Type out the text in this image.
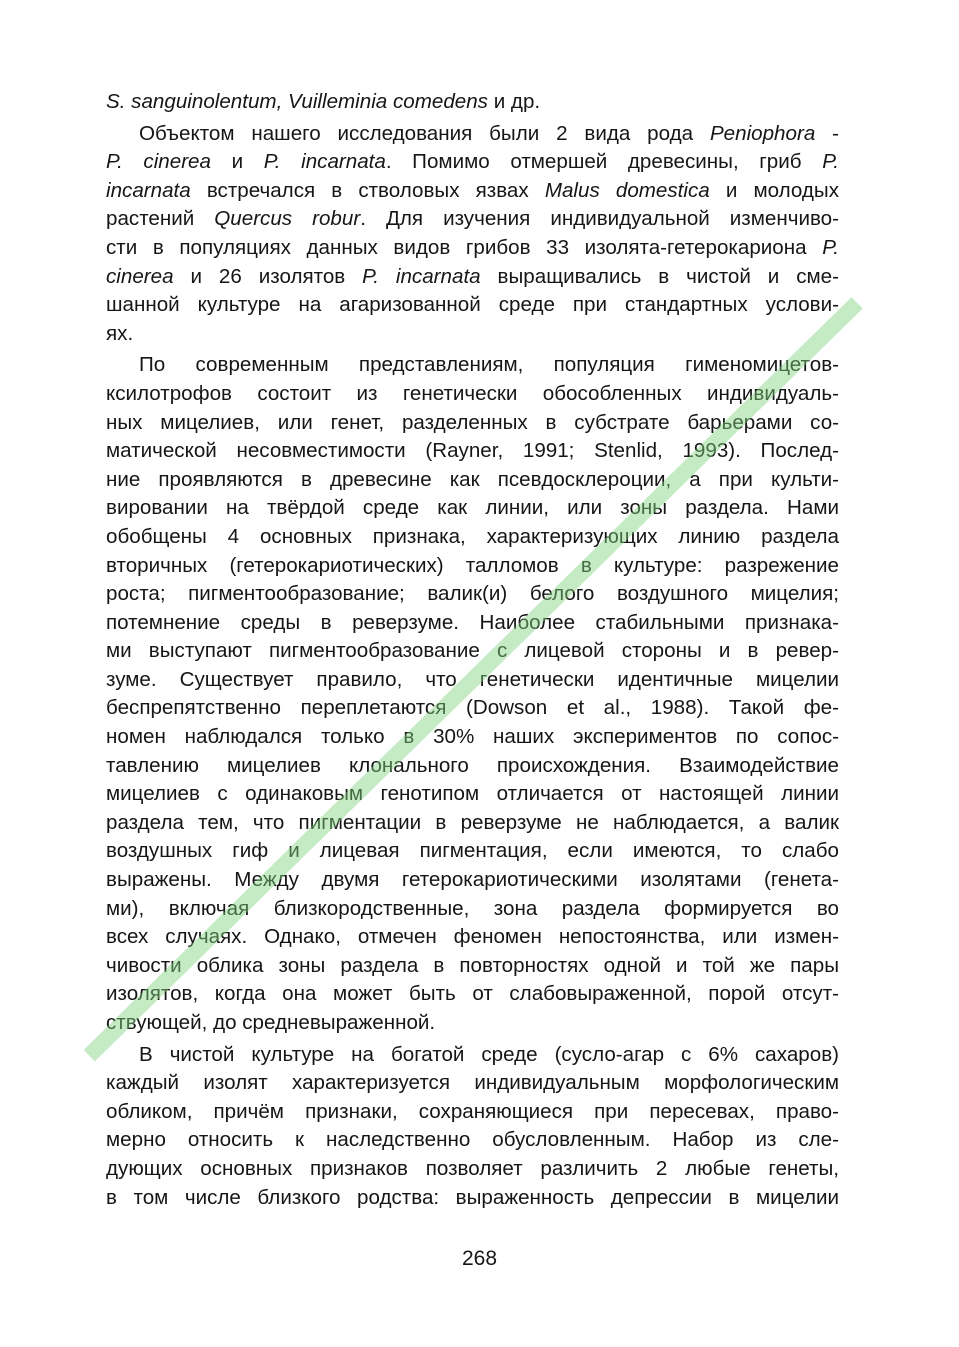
S. sanguinolentum, Vuilleminia comedens и др.
Объектом нашего исследования были 2 вида рода Peniophora -
P. cinerea и P. incarnata. Помимо отмершей древесины, гриб P.
incarnata встречался в стволовых язвах Malus domestica и молодых
растений Quercus robur. Для изучения индивидуальной изменчиво-
сти в популяциях данных видов грибов 33 изолята-гетерокариона P.
cinerea и 26 изолятов P. incarnata выращивались в чистой и сме-
шанной культуре на агаризованной среде при стандартных услови-
ях.
По современным представлениям, популяция гименомицетов-
ксилотрофов состоит из генетически обособленных индивидуаль-
ных мицелиев, или генет, разделенных в субстрате барьерами со-
матической несовместимости (Rayner, 1991; Stenlid, 1993). Послед-
ние проявляются в древесине как псевдосклероции, а при культи-
вировании на твёрдой среде как линии, или зоны раздела. Нами
обобщены 4 основных признака, характеризующих линию раздела
вторичных (гетерокариотических) талломов в культуре: разрежение
роста; пигментообразование; валик(и) белого воздушного мицелия;
потемнение среды в реверзуме. Наиболее стабильными признака-
ми выступают пигментообразование с лицевой стороны и в ревер-
зуме. Существует правило, что генетически идентичные мицелии
беспрепятственно переплетаются (Dowson et al., 1988). Такой фе-
номен наблюдался только в 30% наших экспериментов по сопос-
тавлению мицелиев клонального происхождения. Взаимодействие
мицелиев с одинаковым генотипом отличается от настоящей линии
раздела тем, что пигментации в реверзуме не наблюдается, а валик
воздушных гиф и лицевая пигментация, если имеются, то слабо
выражены. Между двумя гетерокариотическими изолятами (генета-
ми), включая близкородственные, зона раздела формируется во
всех случаях. Однако, отмечен феномен непостоянства, или измен-
чивости облика зоны раздела в повторностях одной и той же пары
изолятов, когда она может быть от слабовыраженной, порой отсут-
ствующей, до средневыраженной.
В чистой культуре на богатой среде (сусло-агар с 6% сахаров)
каждый изолят характеризуется индивидуальным морфологическим
обликом, причём признаки, сохраняющиеся при пересевах, право-
мерно относить к наследственно обусловленным. Набор из сле-
дующих основных признаков позволяет различить 2 любые генеты,
в том числе близкого родства: выраженность депрессии в мицелии
268
